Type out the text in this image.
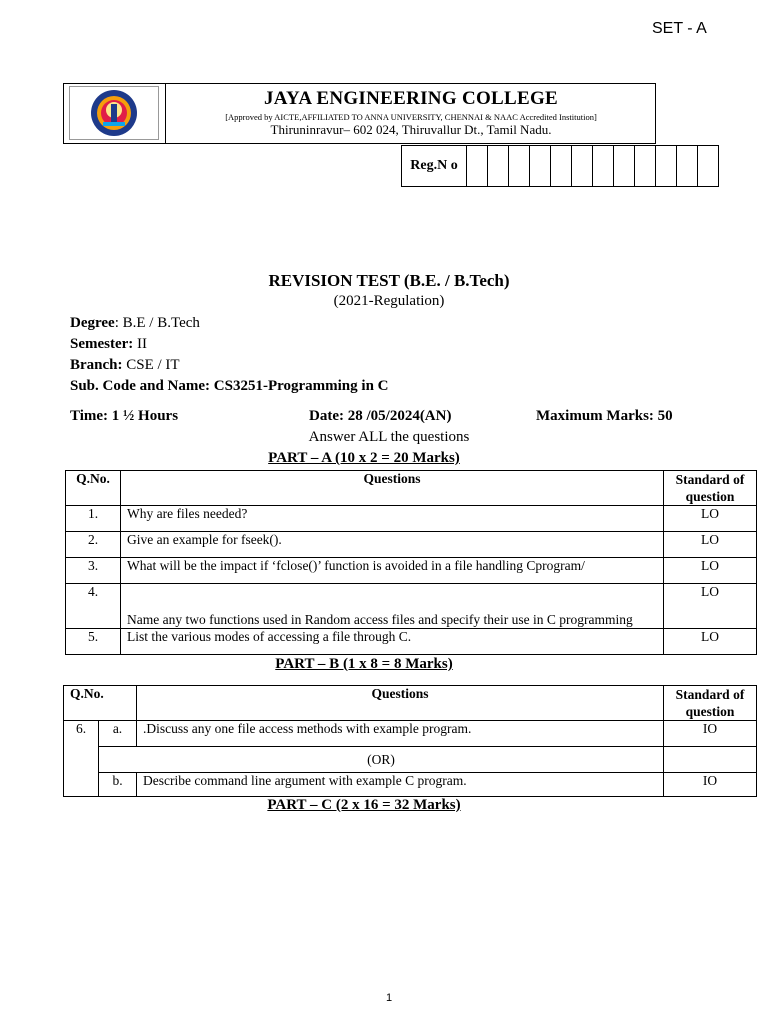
SET - A
JAYA ENGINEERING COLLEGE
[Approved by AICTE,AFFILIATED TO ANNA UNIVERSITY, CHENNAI & NAAC Accredited Institution]
Thiruninravur– 602 024, Thiruvallur Dt., Tamil Nadu.
Reg.N o												
REVISION TEST (B.E. / B.Tech)
(2021-Regulation)
Degree: B.E / B.Tech
Semester: II
Branch: CSE / IT
Sub. Code and Name: CS3251-Programming in C
Time: 1 ½ Hours	Date: 28 /05/2024(AN)	Maximum Marks: 50
Answer ALL the questions
PART – A (10 x 2 = 20 Marks)
Q.No.	Questions	Standard of question
1.	Why are files needed?	LO
2.	Give an example for fseek().	LO
3.	What will be the impact if ‘fclose()’ function is avoided in a file handling Cprogram/	LO
4.	Name any two functions used in Random access files and specify their use in C programming	LO
5.	List the various modes of accessing a file through C.	LO
PART – B (1 x 8 = 8 Marks)
Q.No.		Questions	Standard of question
6.	a.	.Discuss any one file access methods with example program.	IO
	(OR)		
	b.	Describe command line argument with example C program.	IO
PART – C (2 x 16 = 32 Marks)
1
